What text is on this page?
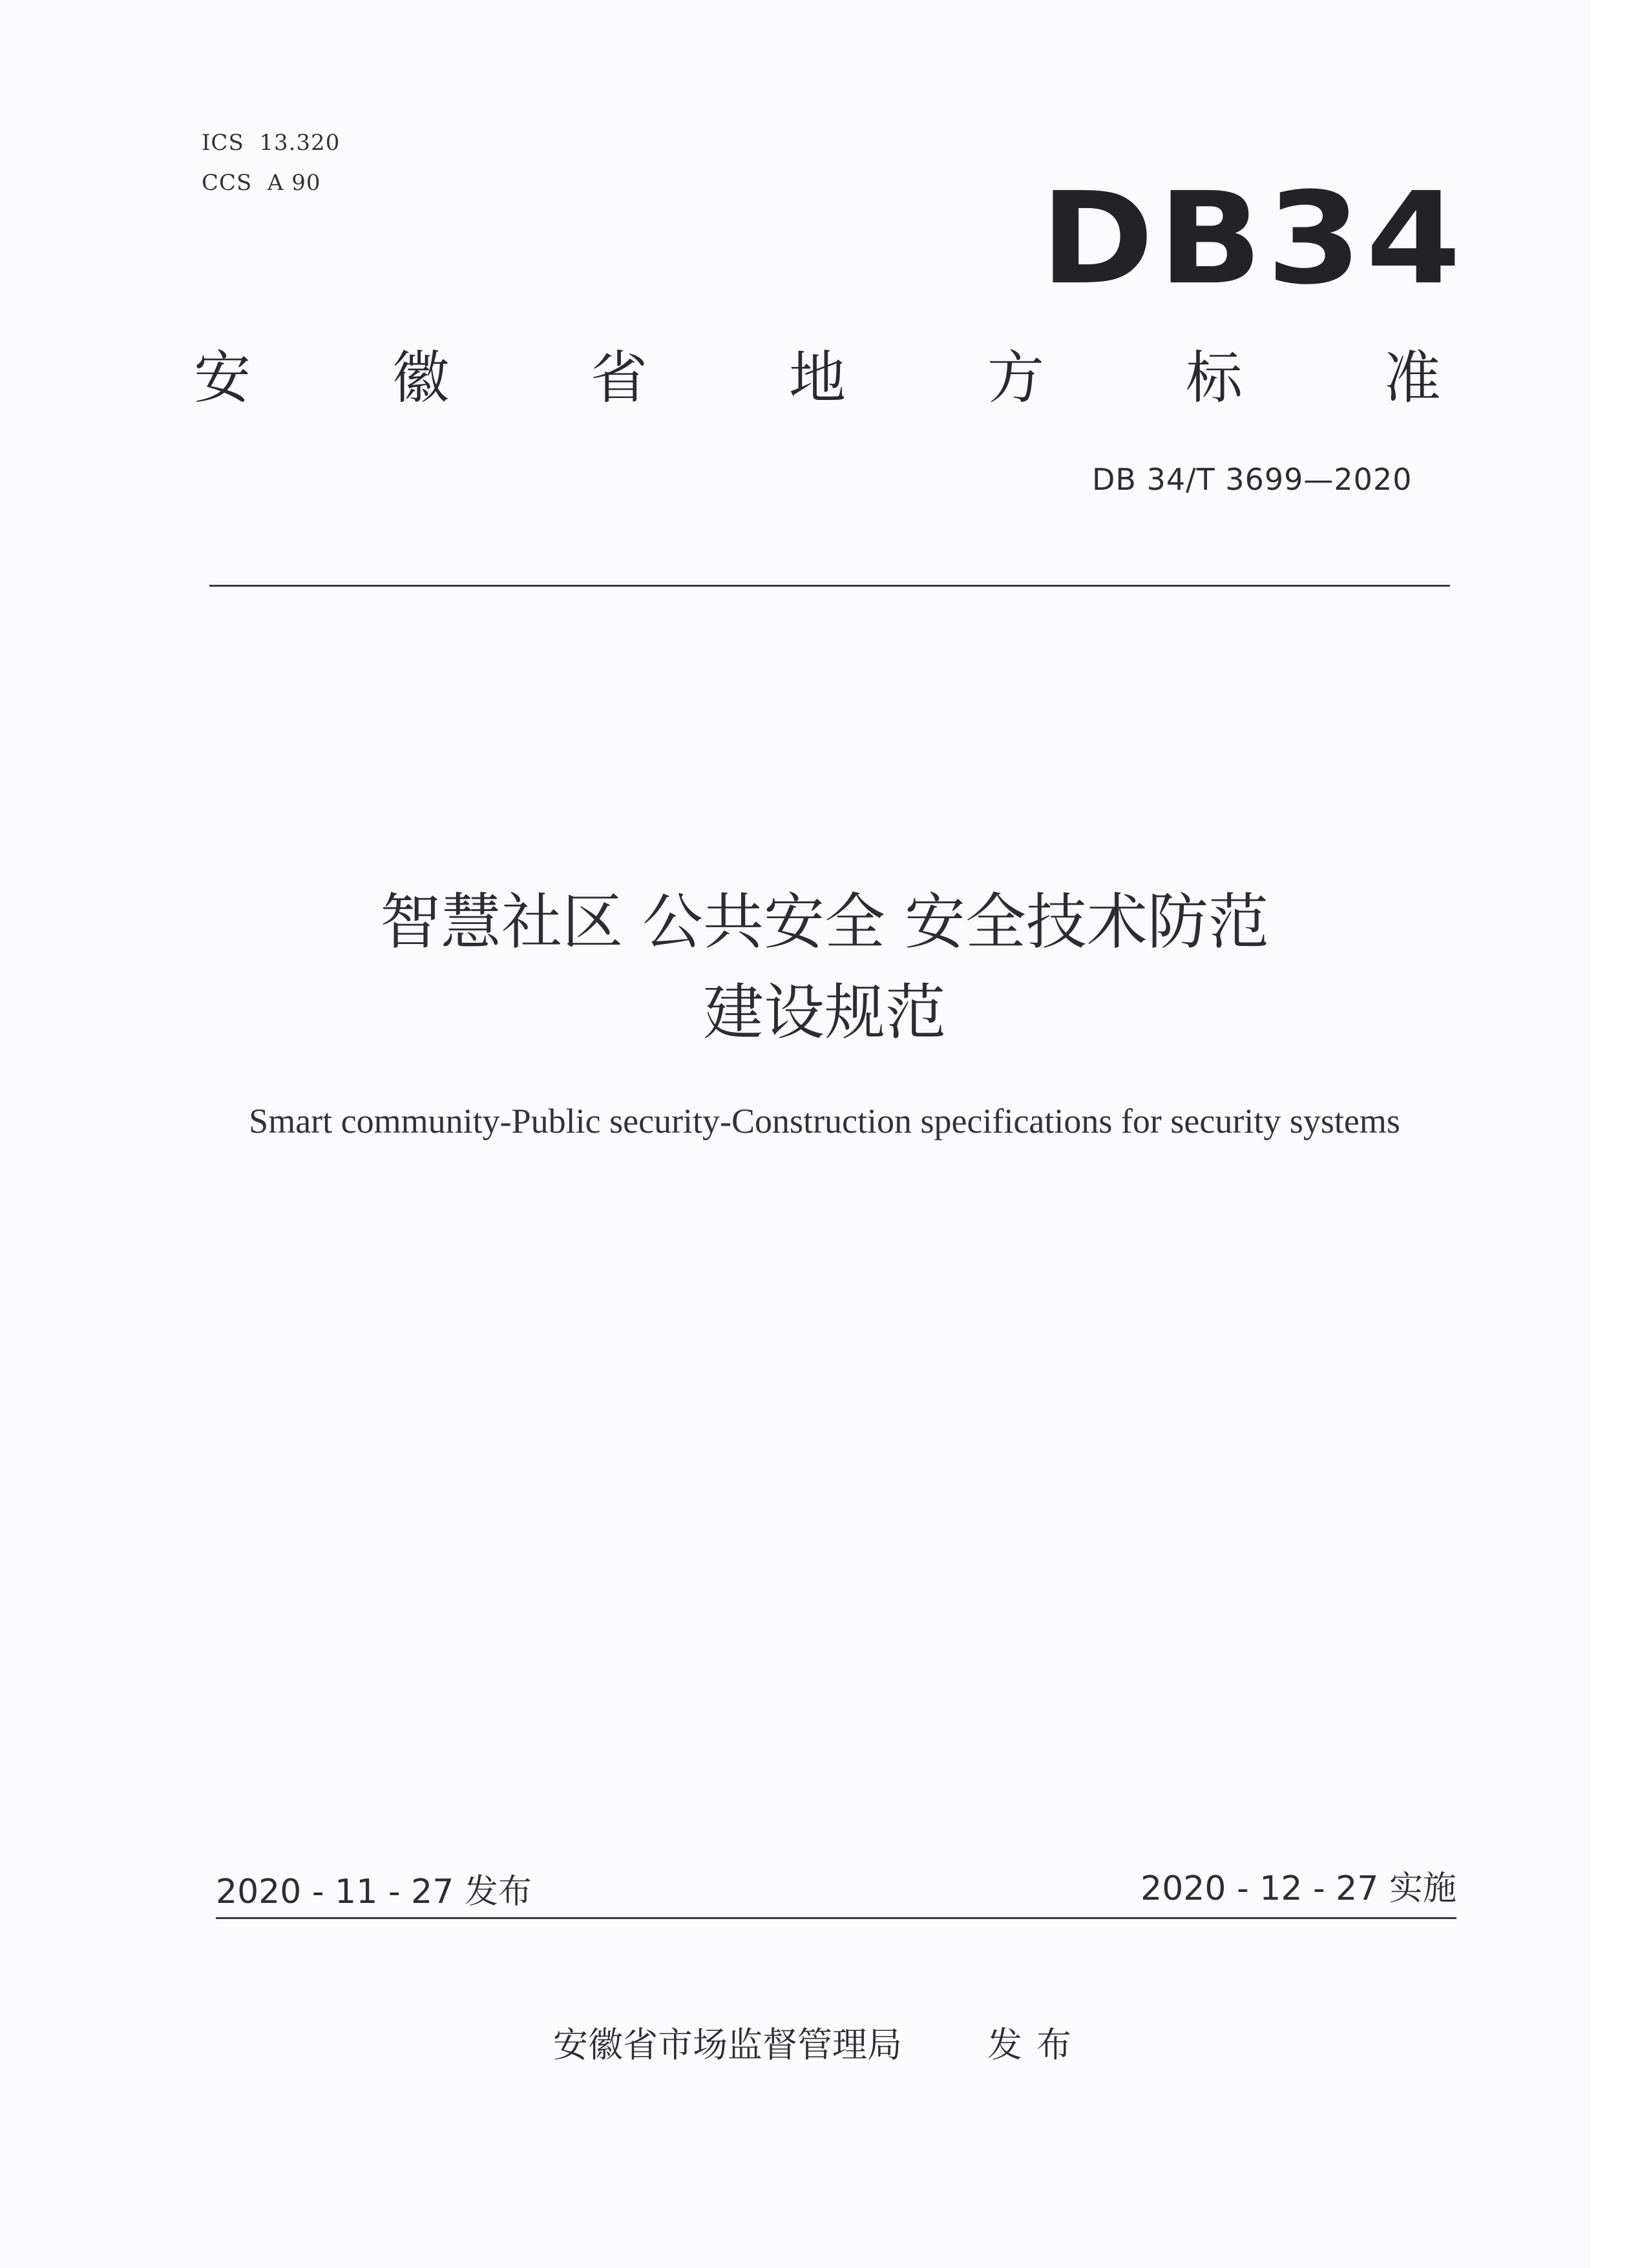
ICS  13.320
CCS  A 90	DB34
安 徽 省 地 方 标 准
DB 34/T 3699—2020
智慧社区 公共安全 安全技术防范
建设规范
Smart community-Public security-Construction specifications for security systems
2020 - 11 - 27 发布	2020 - 12 - 27 实施
安徽省市场监督管理局 发布
